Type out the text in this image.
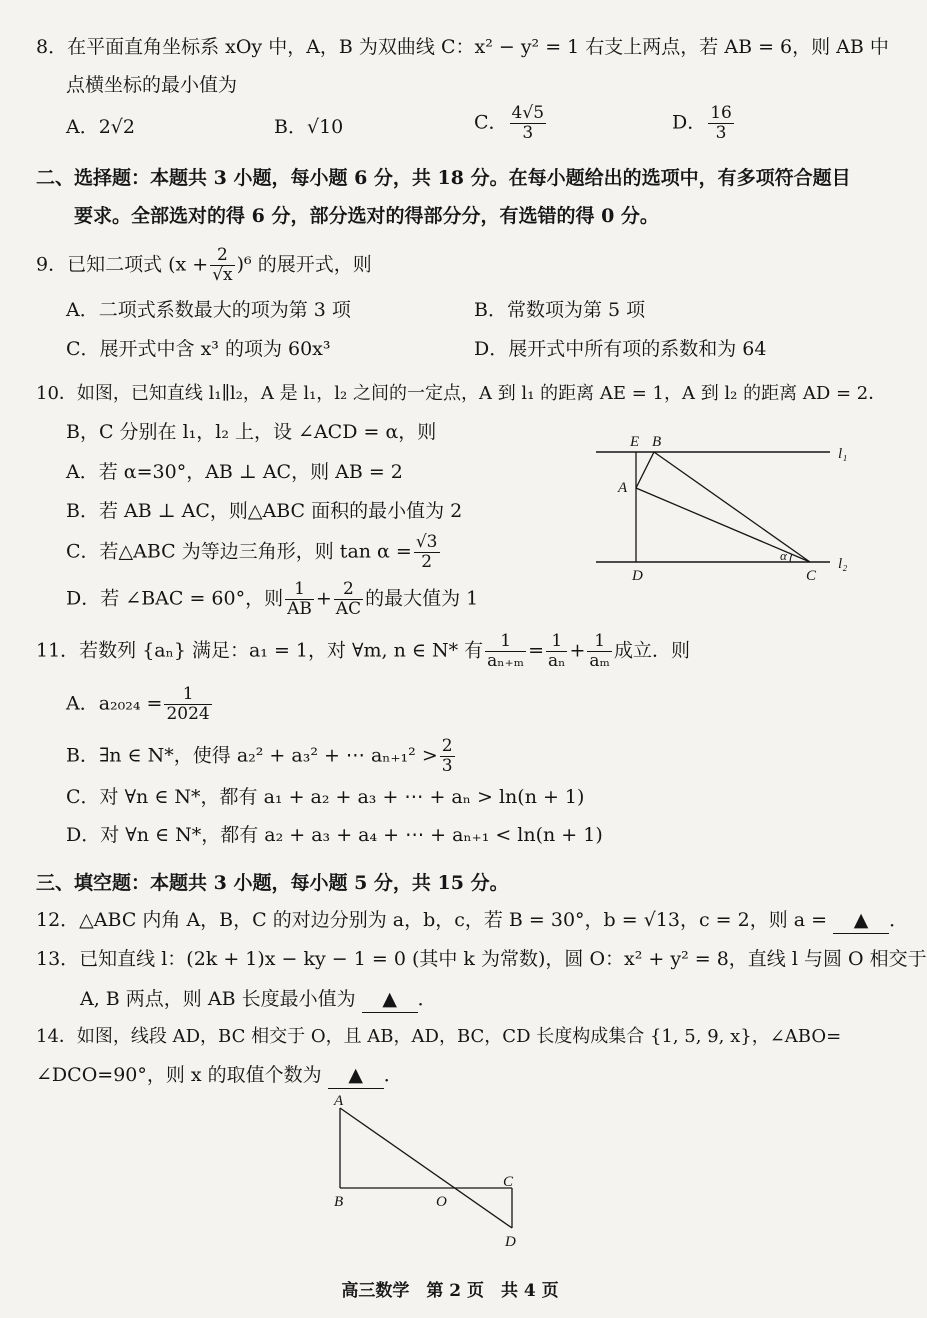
8．在平面直角坐标系 xOy 中，A，B 为双曲线 C：x² − y² = 1 右支上两点，若 AB = 6，则 AB 中
点横坐标的最小值为
A．2√2	B．√10	C． $\frac{4√5}{3}$	D． $\frac{16}{3}$
二、选择题：本题共 3 小题，每小题 6 分，共 18 分。在每小题给出的选项中，有多项符合题目
要求。全部选对的得 6 分，部分选对的得部分分，有选错的得 0 分。
9．已知二项式 $(x + \frac{2}{√x} )^6$ 的展开式，则
A．二项式系数最大的项为第 3 项	B．常数项为第 5 项
C．展开式中含 x³ 的项为 60x³	D．展开式中所有项的系数和为 64
10．如图，已知直线 l₁∥l₂，A 是 l₁，l₂ 之间的一定点，A 到 l₁ 的距离 AE = 1，A 到 l₂ 的距离 AD = 2．
B，C 分别在 l₁，l₂ 上，设 ∠ACD = α，则
A．若 α=30°，AB ⊥ AC，则 AB = 2
B．若 AB ⊥ AC，则△ABC 面积的最小值为 2
C．若△ABC 为等边三角形，则 $\tan \alpha = \frac{√3}{2}$
D．若 ∠BAC = 60°，则 $\frac{1}{AB} + \frac{2}{AC}$ 的最大值为 1
E B
A
D	C
α
l₁
l₂
11．若数列 {aₙ} 满足：a₁ = 1，对 ∀m, n ∈ N* 有 $\frac{1}{\text{aₙ₊ₘ}} = \frac{1}{\text{aₙ}} + \frac{1}{\text{aₘ}}$ 成立．则
A．$a_{2024} = \frac{1}{2024}$
B．∃n ∈ N*，使得 a₂² + a₃² + ⋯ $a_{n+1}^2 > \frac{2}{3}$
C．对 ∀n ∈ N*，都有 a₁ + a₂ + a₃ + ⋯ + aₙ > ln(n + 1)
D．对 ∀n ∈ N*，都有 a₂ + a₃ + a₄ + ⋯ + aₙ₊₁ < ln(n + 1)
三、填空题：本题共 3 小题，每小题 5 分，共 15 分。
12．△ABC 内角 A，B，C 的对边分别为 a，b，c，若 B = 30°，b = √13，c = 2，则 a = ▲ ．
13．已知直线 l：(2k + 1)x − ky − 1 = 0 (其中 k 为常数)，圆 O：x² + y² = 8，直线 l 与圆 O 相交于
A, B 两点，则 AB 长度最小值为 ▲ ．
14．如图，线段 AD，BC 相交于 O，且 AB，AD，BC，CD 长度构成集合 {1, 5, 9, x}，∠ABO=
∠DCO=90°，则 x 的取值个数为 ▲ ．
A
B	O
C
D
高三数学　第 2 页　共 4 页
